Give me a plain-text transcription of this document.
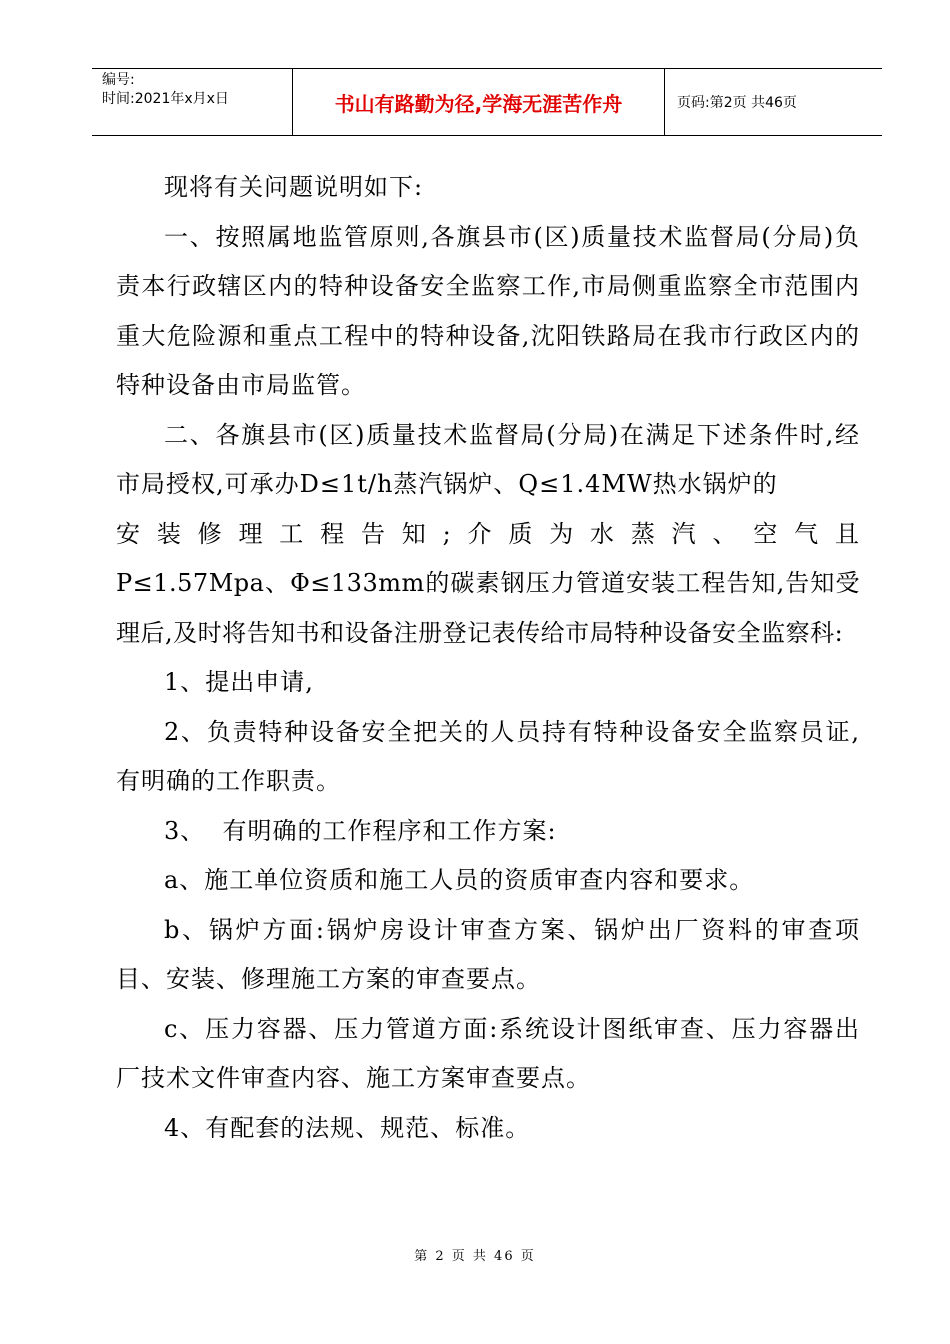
编号:
时间:2021年x月x日	书山有路勤为径,学海无涯苦作舟	页码:第2页 共46页

现将有关问题说明如下:

一、按照属地监管原则,各旗县市(区)质量技术监督局(分局)负责本行政辖区内的特种设备安全监察工作,市局侧重监察全市范围内重大危险源和重点工程中的特种设备,沈阳铁路局在我市行政区内的特种设备由市局监管。

二、各旗县市(区)质量技术监督局(分局)在满足下述条件时,经市局授权,可承办D≤1t/h蒸汽锅炉、Q≤1.4MW热水锅炉的

安装修理工程告知;介质为水蒸汽、空气且

P≤1.57Mpa、Φ≤133mm的碳素钢压力管道安装工程告知,告知受理后,及时将告知书和设备注册登记表传给市局特种设备安全监察科:

1、提出申请,

2、负责特种设备安全把关的人员持有特种设备安全监察员证,有明确的工作职责。

3、  有明确的工作程序和工作方案:

a、施工单位资质和施工人员的资质审查内容和要求。

b、锅炉方面:锅炉房设计审查方案、锅炉出厂资料的审查项目、安装、修理施工方案的审查要点。

c、压力容器、压力管道方面:系统设计图纸审查、压力容器出厂技术文件审查内容、施工方案审查要点。

4、有配套的法规、规范、标准。

第 2 页 共 46 页
